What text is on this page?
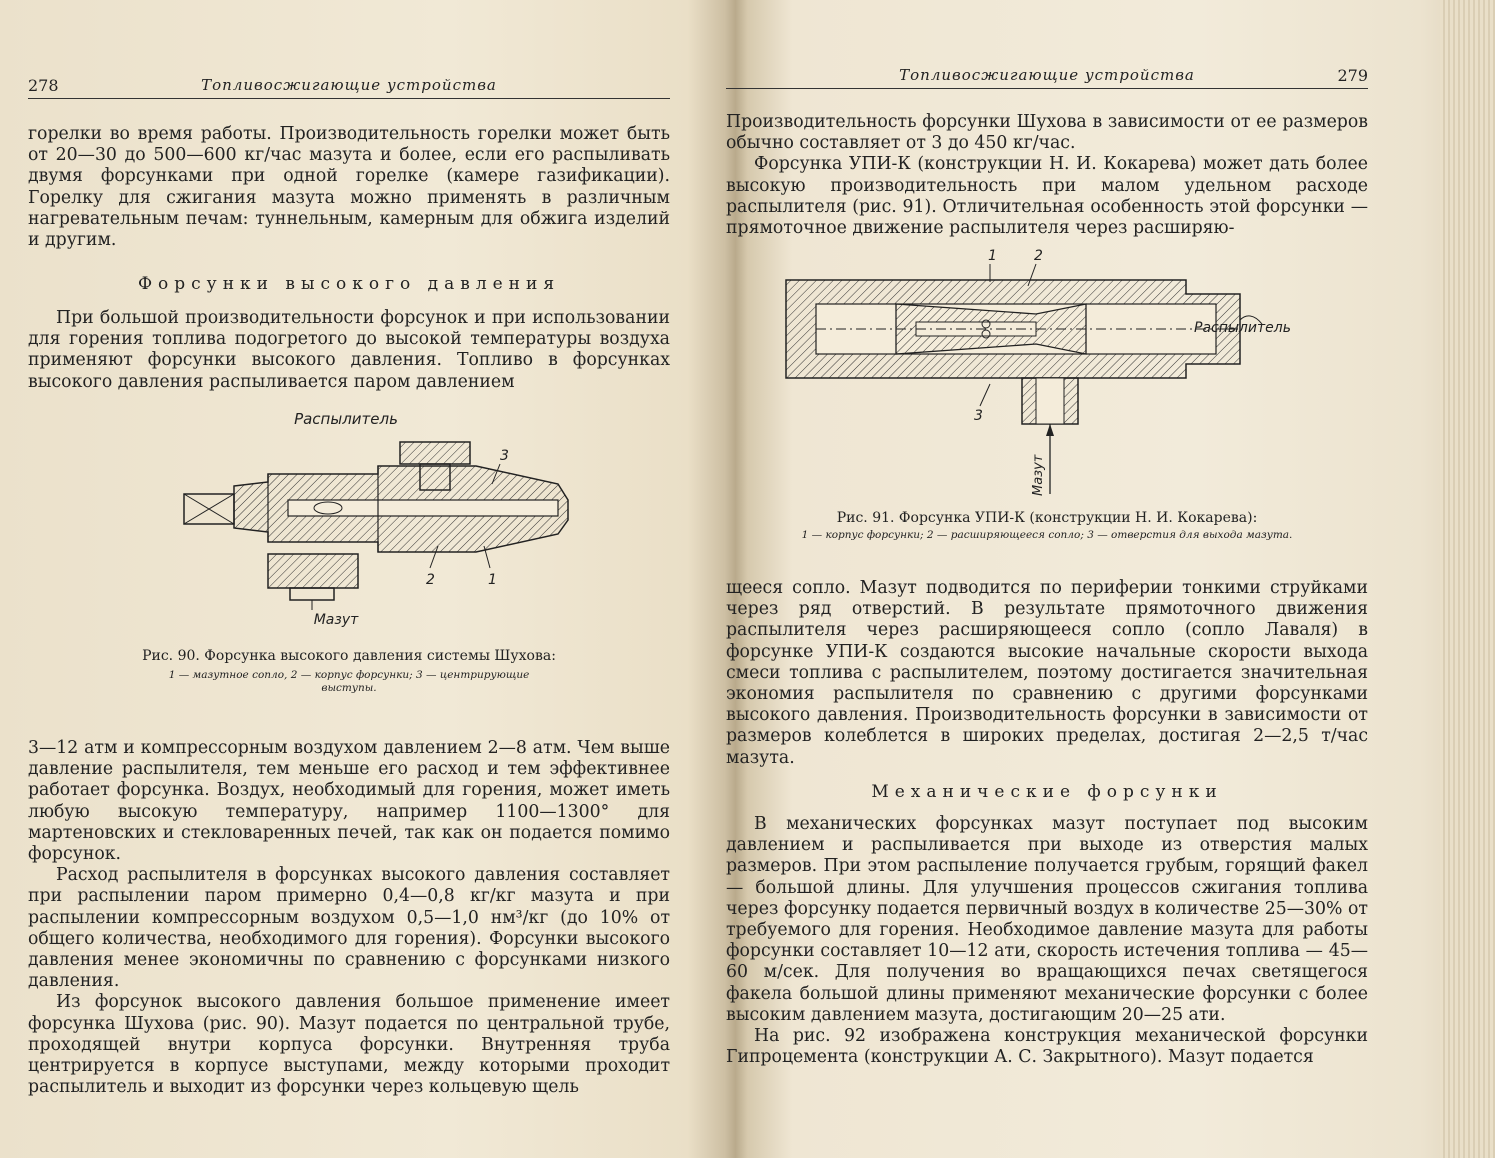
278	Топливосжигающие устройства

горелки во время работы. Производительность горелки может быть от 20—30 до 500—600 кг/час мазута и более, если его распыливать двумя форсунками при одной горелке (камере газификации). Горелку для сжигания мазута можно применять в различным нагревательным печам: туннельным, камерным для обжига изделий и другим.

Форсунки высокого давления

При большой производительности форсунок и при использовании для горения топлива подогретого до высокой температуры воздуха применяют форсунки высокого давления. Топливо в форсунках высокого давления распыливается паром давлением

Распылитель
Мазут
3
2	1
Рис. 90. Форсунка высокого давления системы Шухова:
1 — мазутное сопло, 2 — корпус форсунки; 3 — центрирующие выступы.

3—12 атм и компрессорным воздухом давлением 2—8 атм. Чем выше давление распылителя, тем меньше его расход и тем эффективнее работает форсунка. Воздух, необходимый для горения, может иметь любую высокую температуру, например 1100—1300° для мартеновских и стекловаренных печей, так как он подается помимо форсунок.

Расход распылителя в форсунках высокого давления составляет при распылении паром примерно 0,4—0,8 кг/кг мазута и при распылении компрессорным воздухом 0,5—1,0 нм³/кг (до 10% от общего количества, необходимого для горения). Форсунки высокого давления менее экономичны по сравнению с форсунками низкого давления.

Из форсунок высокого давления большое применение имеет форсунка Шухова (рис. 90). Мазут подается по центральной трубе, проходящей внутри корпуса форсунки. Внутренняя труба центрируется в корпусе выступами, между которыми проходит распылитель и выходит из форсунки через кольцевую щель

Топливосжигающие устройства	279

Производительность форсунки Шухова в зависимости от ее размеров обычно составляет от 3 до 450 кг/час.

Форсунка УПИ-К (конструкции Н. И. Кокарева) может дать более высокую производительность при малом удельном расходе распылителя (рис. 91). Отличительная особенность этой форсунки — прямоточное движение распылителя через расширяю-

1	2
Мазут
3
Распылитель
Рис. 91. Форсунка УПИ-К (конструкции Н. И. Кокарева):
1 — корпус форсунки; 2 — расширяющееся сопло; 3 — отверстия для выхода мазута.

щееся сопло. Мазут подводится по периферии тонкими струйками через ряд отверстий. В результате прямоточного движения распылителя через расширяющееся сопло (сопло Лаваля) в форсунке УПИ-К создаются высокие начальные скорости выхода смеси топлива с распылителем, поэтому достигается значительная экономия распылителя по сравнению с другими форсунками высокого давления. Производительность форсунки в зависимости от размеров колеблется в широких пределах, достигая 2—2,5 т/час мазута.

Механические форсунки

В механических форсунках мазут поступает под высоким давлением и распыливается при выходе из отверстия малых размеров. При этом распыление получается грубым, горящий факел — большой длины. Для улучшения процессов сжигания топлива через форсунку подается первичный воздух в количестве 25—30% от требуемого для горения. Необходимое давление мазута для работы форсунки составляет 10—12 ати, скорость истечения топлива — 45—60 м/сек. Для получения во вращающихся печах светящегося факела большой длины применяют механические форсунки с более высоким давлением мазута, достигающим 20—25 ати.

На рис. 92 изображена конструкция механической форсунки Гипроцемента (конструкции А. С. Закрытного). Мазут подается
